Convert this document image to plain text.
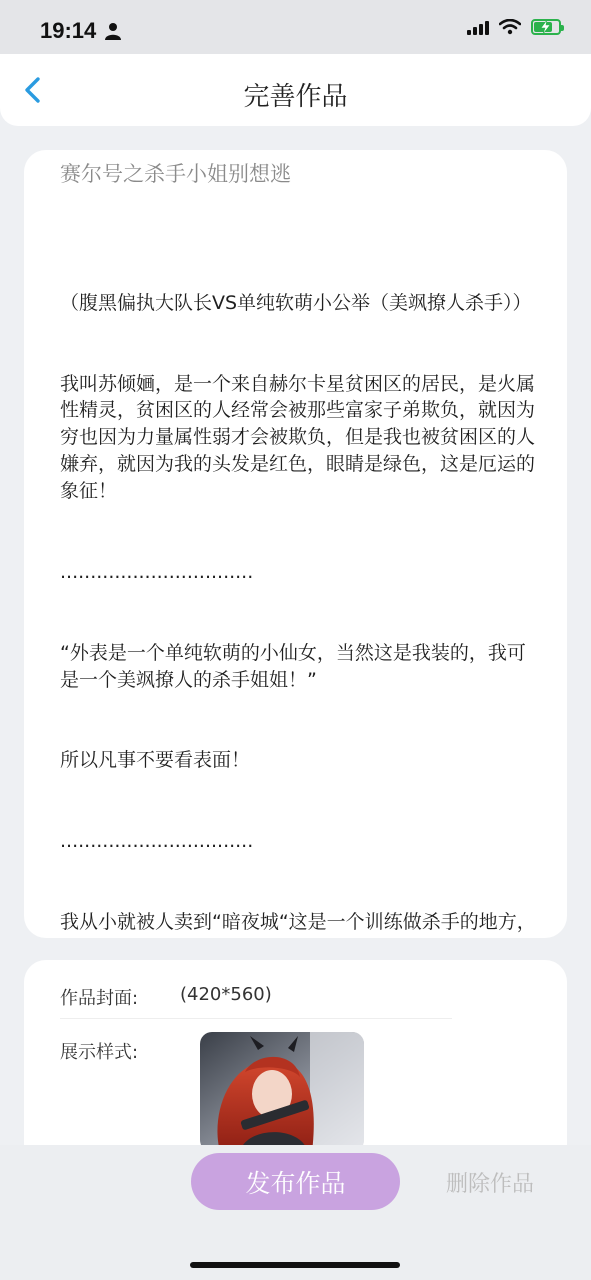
19:14
完善作品
赛尔号之杀手小姐别想逃

（腹黑偏执大队长VS单纯软萌小公举（美飒撩人杀手））

我叫苏倾婳，是一个来自赫尔卡星贫困区的居民，是火属性精灵，贫困区的人经常会被那些富家子弟欺负，就因为穷也因为力量属性弱才会被欺负，但是我也被贫困区的人嫌弃，就因为我的头发是红色，眼睛是绿色，这是厄运的象征！

................................

“外表是一个单纯软萌的小仙女，当然这是我装的，我可是一个美飒撩人的杀手姐姐！”

所以凡事不要看表面！

................................

我从小就被人卖到“暗夜城“这是一个训练做杀手的地方，

作品封面: (420*560)
展示样式:
发布作品	删除作品
